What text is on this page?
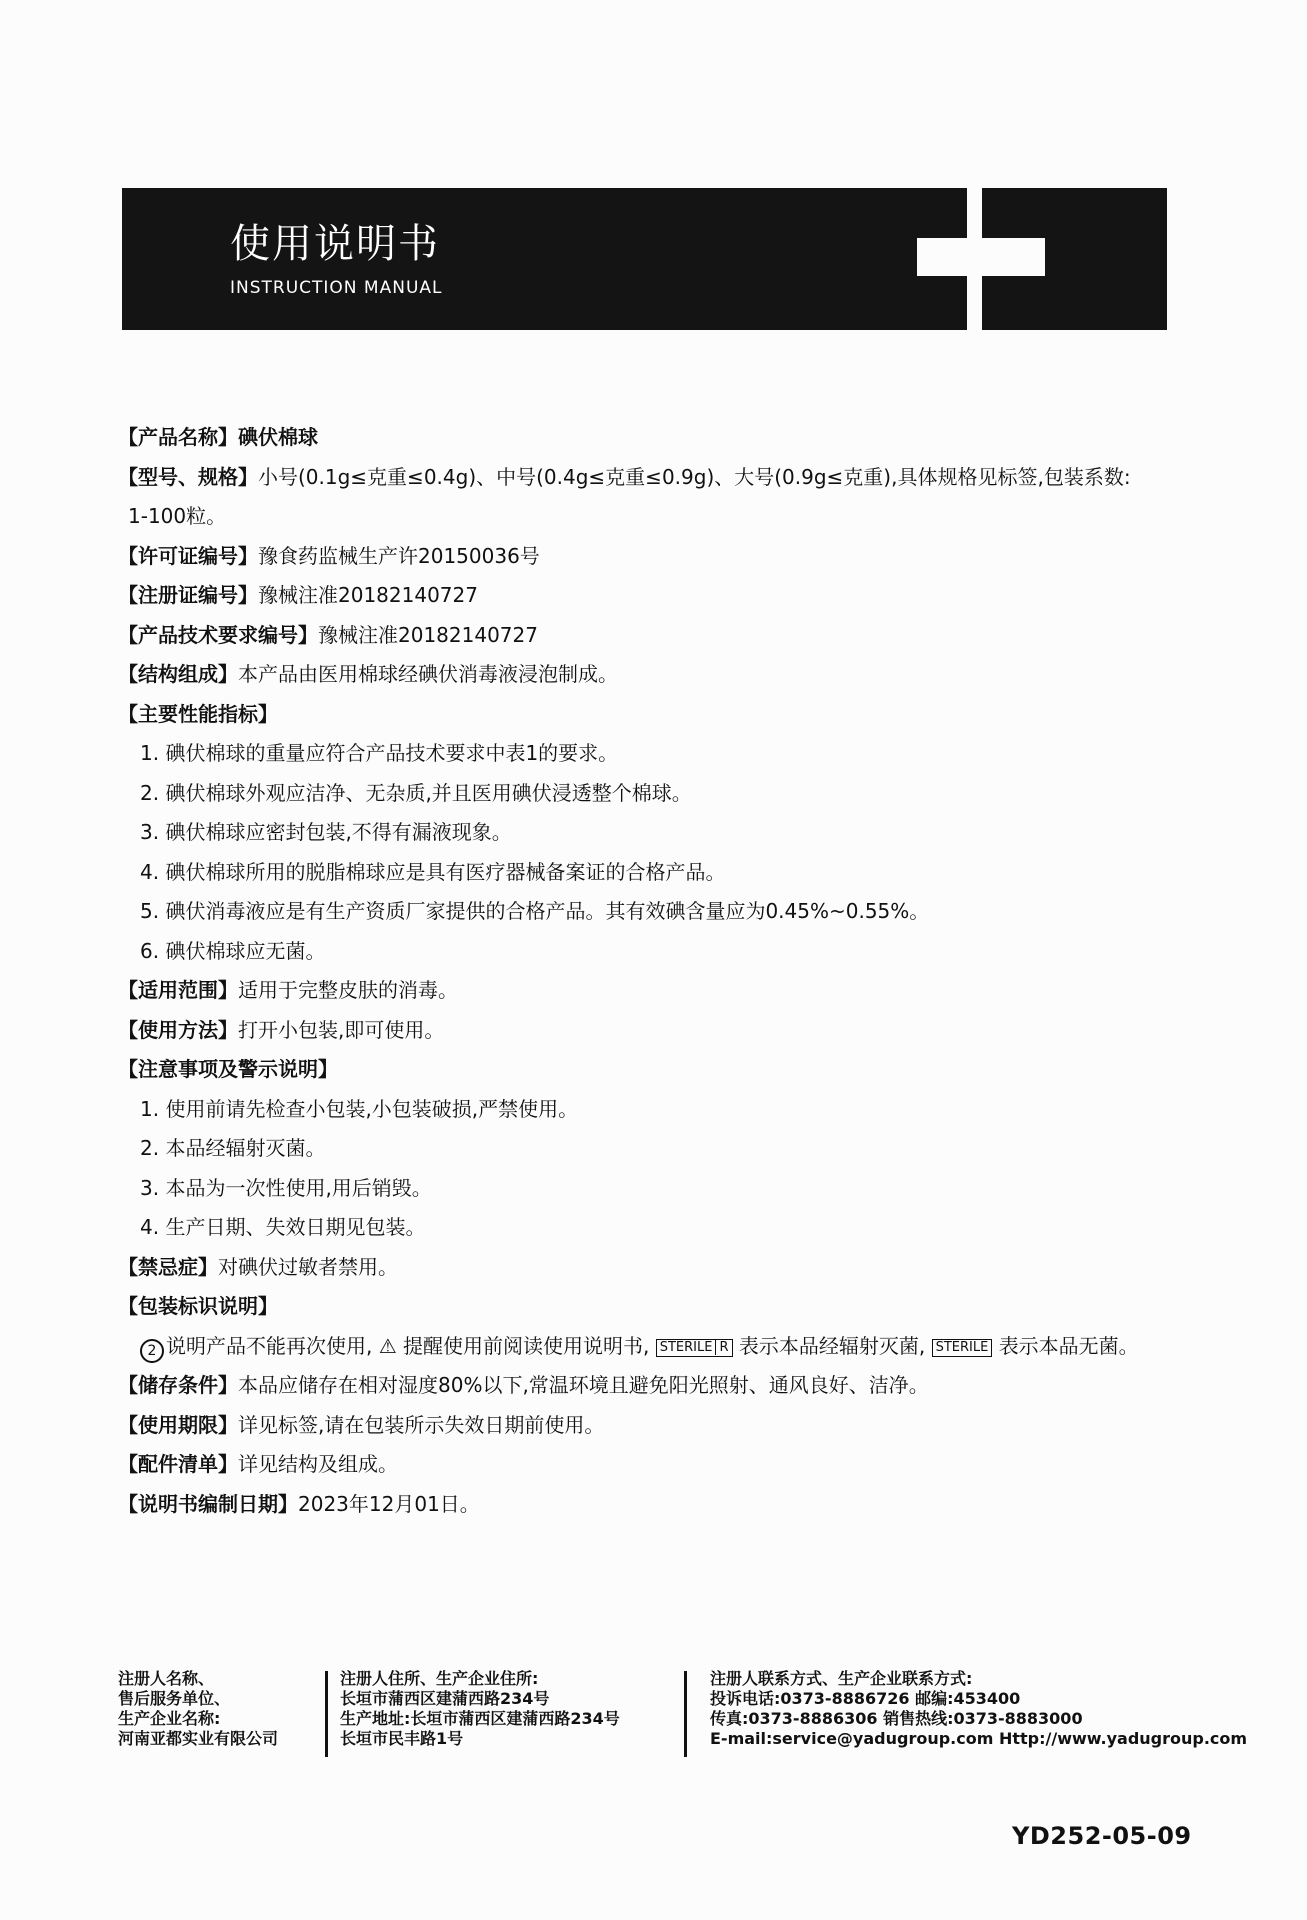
使用说明书
INSTRUCTION MANUAL
【产品名称】碘伏棉球
【型号、规格】小号(0.1g≤克重≤0.4g)、中号(0.4g≤克重≤0.9g)、大号(0.9g≤克重),具体规格见标签,包装系数:
1-100粒。
【许可证编号】豫食药监械生产许20150036号
【注册证编号】豫械注准20182140727
【产品技术要求编号】豫械注准20182140727
【结构组成】本产品由医用棉球经碘伏消毒液浸泡制成。
【主要性能指标】
1. 碘伏棉球的重量应符合产品技术要求中表1的要求。
2. 碘伏棉球外观应洁净、无杂质,并且医用碘伏浸透整个棉球。
3. 碘伏棉球应密封包装,不得有漏液现象。
4. 碘伏棉球所用的脱脂棉球应是具有医疗器械备案证的合格产品。
5. 碘伏消毒液应是有生产资质厂家提供的合格产品。其有效碘含量应为0.45%~0.55%。
6. 碘伏棉球应无菌。
【适用范围】适用于完整皮肤的消毒。
【使用方法】打开小包装,即可使用。
【注意事项及警示说明】
1. 使用前请先检查小包装,小包装破损,严禁使用。
2. 本品经辐射灭菌。
3. 本品为一次性使用,用后销毁。
4. 生产日期、失效日期见包装。
【禁忌症】对碘伏过敏者禁用。
【包装标识说明】
2 说明产品不能再次使用, ⚠ 提醒使用前阅读使用说明书, STERILE R 表示本品经辐射灭菌, STERILE 表示本品无菌。
【储存条件】本品应储存在相对湿度80%以下,常温环境且避免阳光照射、通风良好、洁净。
【使用期限】详见标签,请在包装所示失效日期前使用。
【配件清单】详见结构及组成。
【说明书编制日期】2023年12月01日。
注册人名称、
售后服务单位、
生产企业名称:
河南亚都实业有限公司
注册人住所、生产企业住所:
长垣市蒲西区建蒲西路234号
生产地址:长垣市蒲西区建蒲西路234号
长垣市民丰路1号
注册人联系方式、生产企业联系方式:
投诉电话:0373-8886726 邮编:453400
传真:0373-8886306 销售热线:0373-8883000
E-mail:service@yadugroup.com Http://www.yadugroup.com
YD252-05-09
